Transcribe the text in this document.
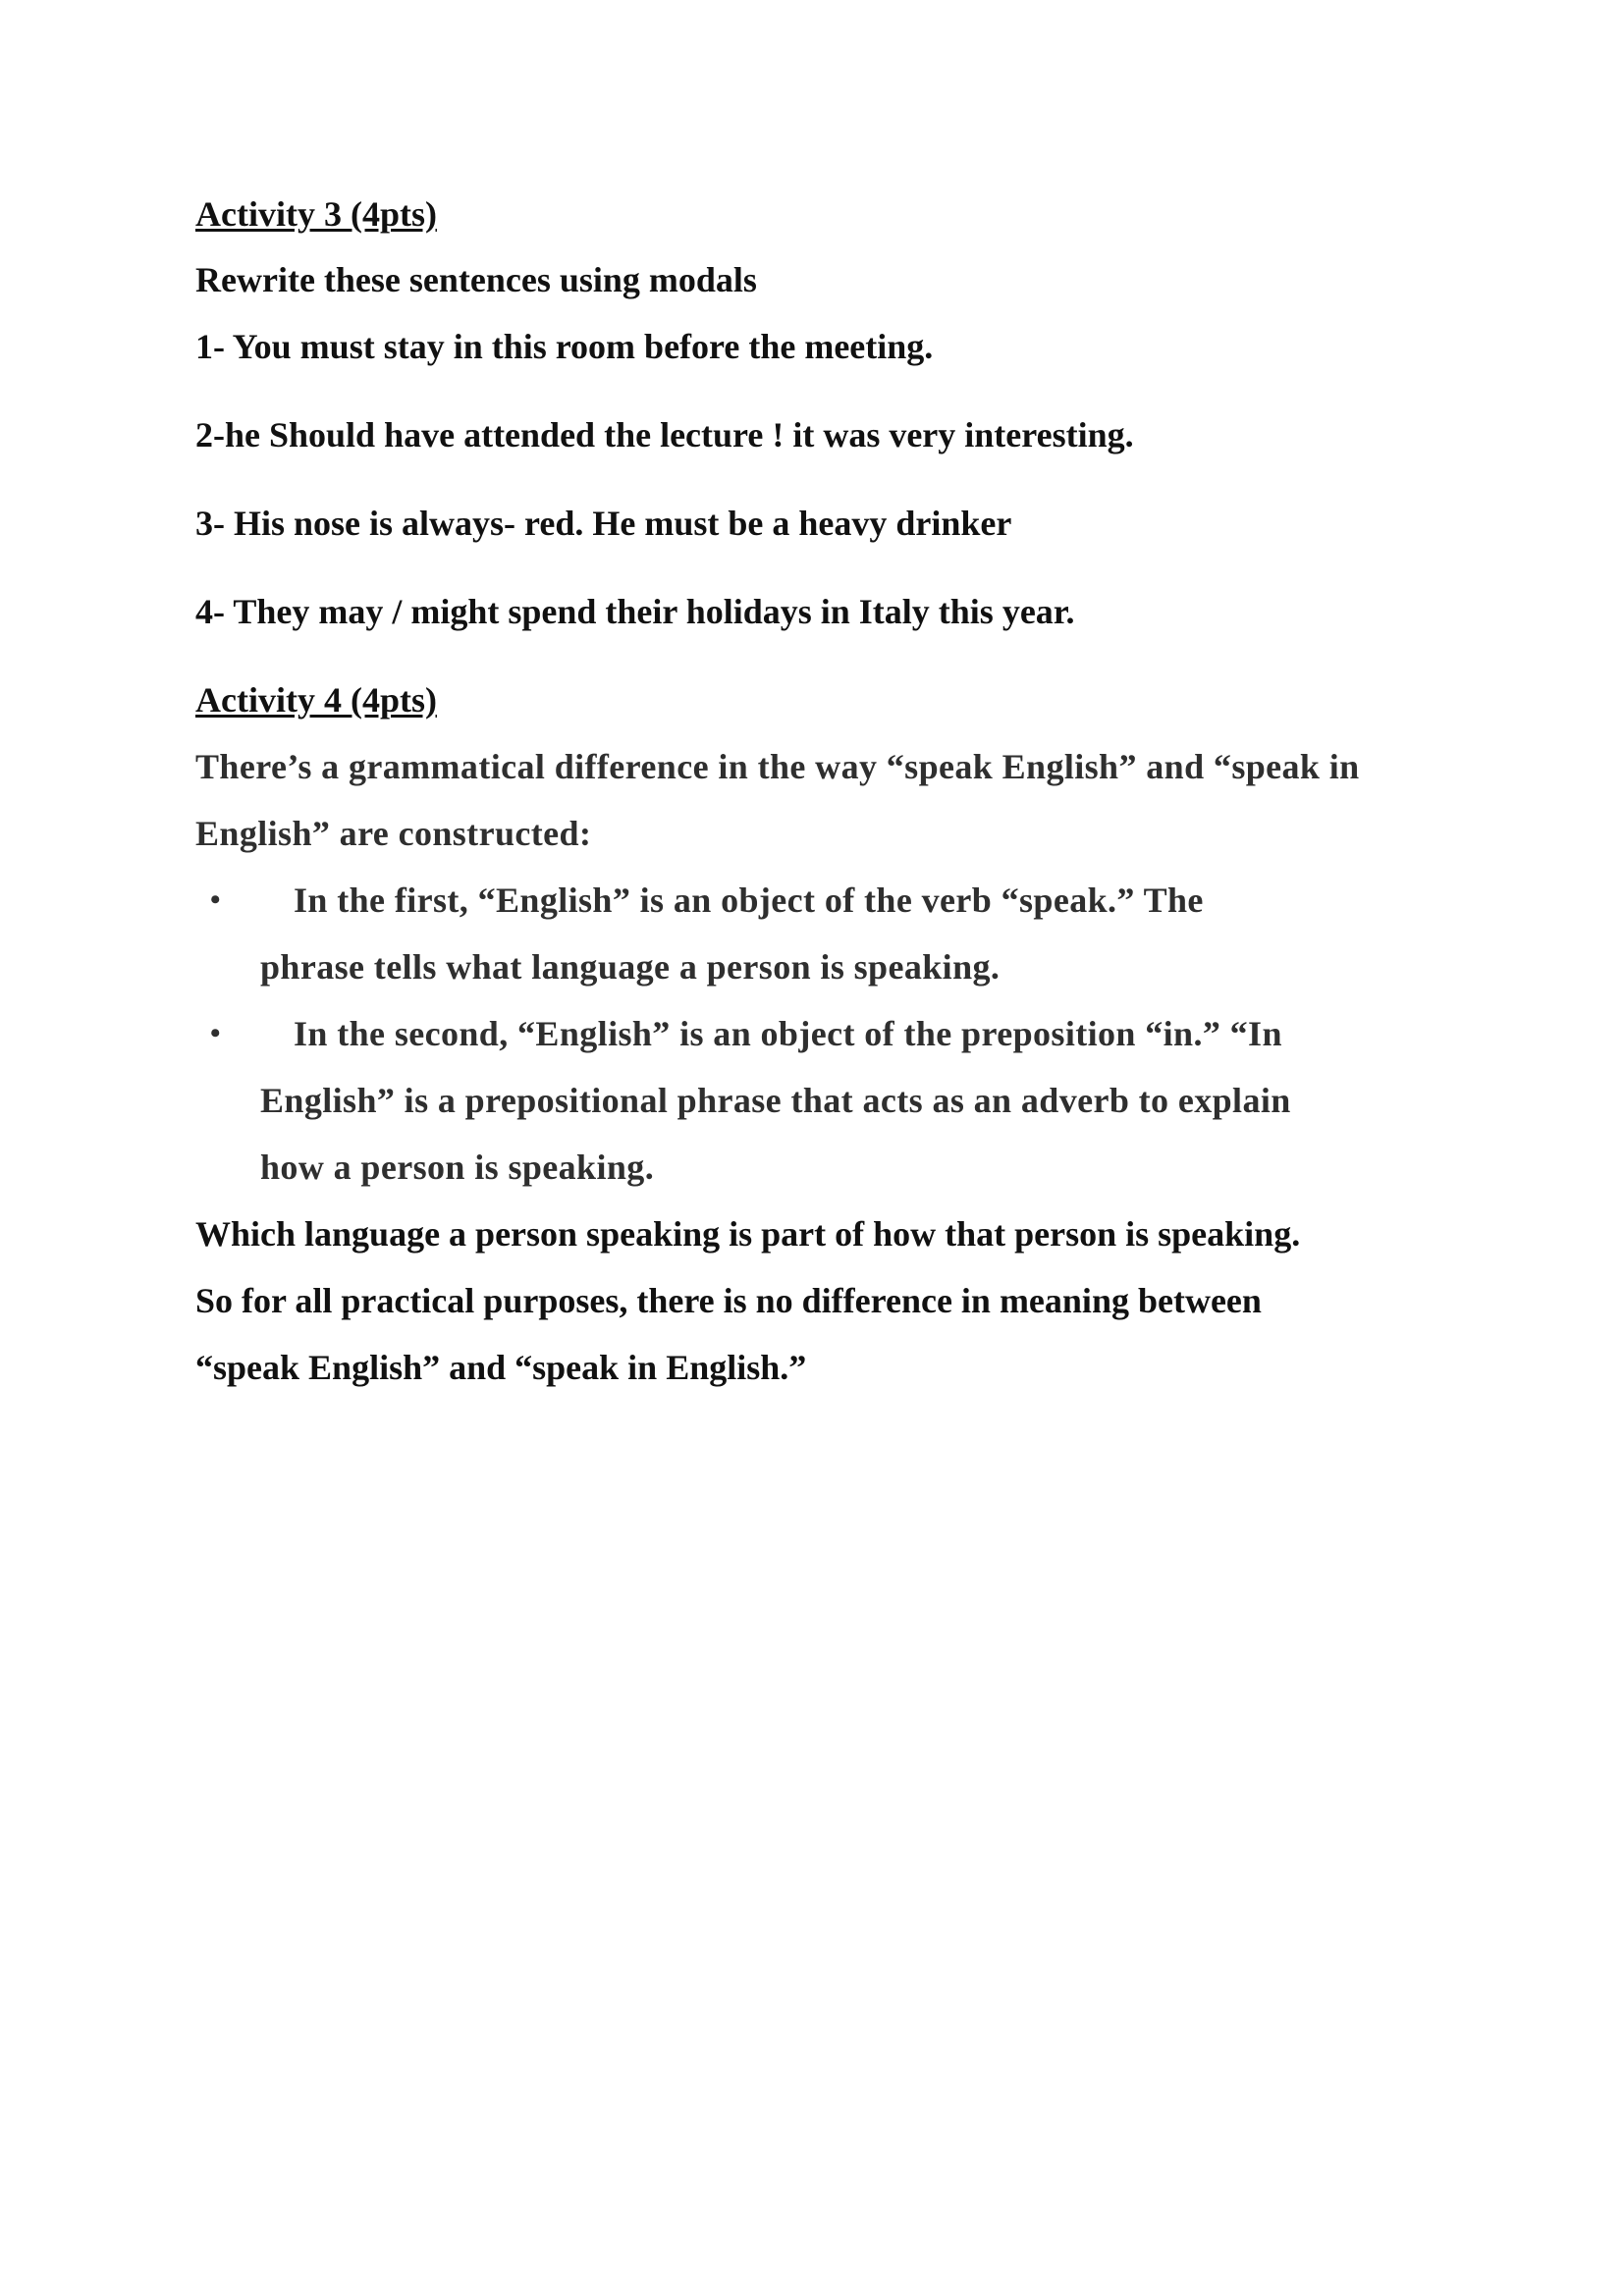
Activity 3 (4pts)
Rewrite these sentences using modals
1- You must stay in this room before the meeting.
2-he Should have attended the lecture ! it was very interesting.
3- His nose is always- red. He must be a heavy drinker
4- They may / might spend their holidays in Italy this year.
Activity 4 (4pts)
There’s a grammatical difference in the way “speak English” and “speak in
English” are constructed:
•	In the first, “English” is an object of the verb “speak.” The
phrase tells what language a person is speaking.
•	In the second, “English” is an object of the preposition “in.” “In
English” is a prepositional phrase that acts as an adverb to explain
how a person is speaking.
Which language a person speaking is part of how that person is speaking.
So for all practical purposes, there is no difference in meaning between
“speak English” and “speak in English.”
